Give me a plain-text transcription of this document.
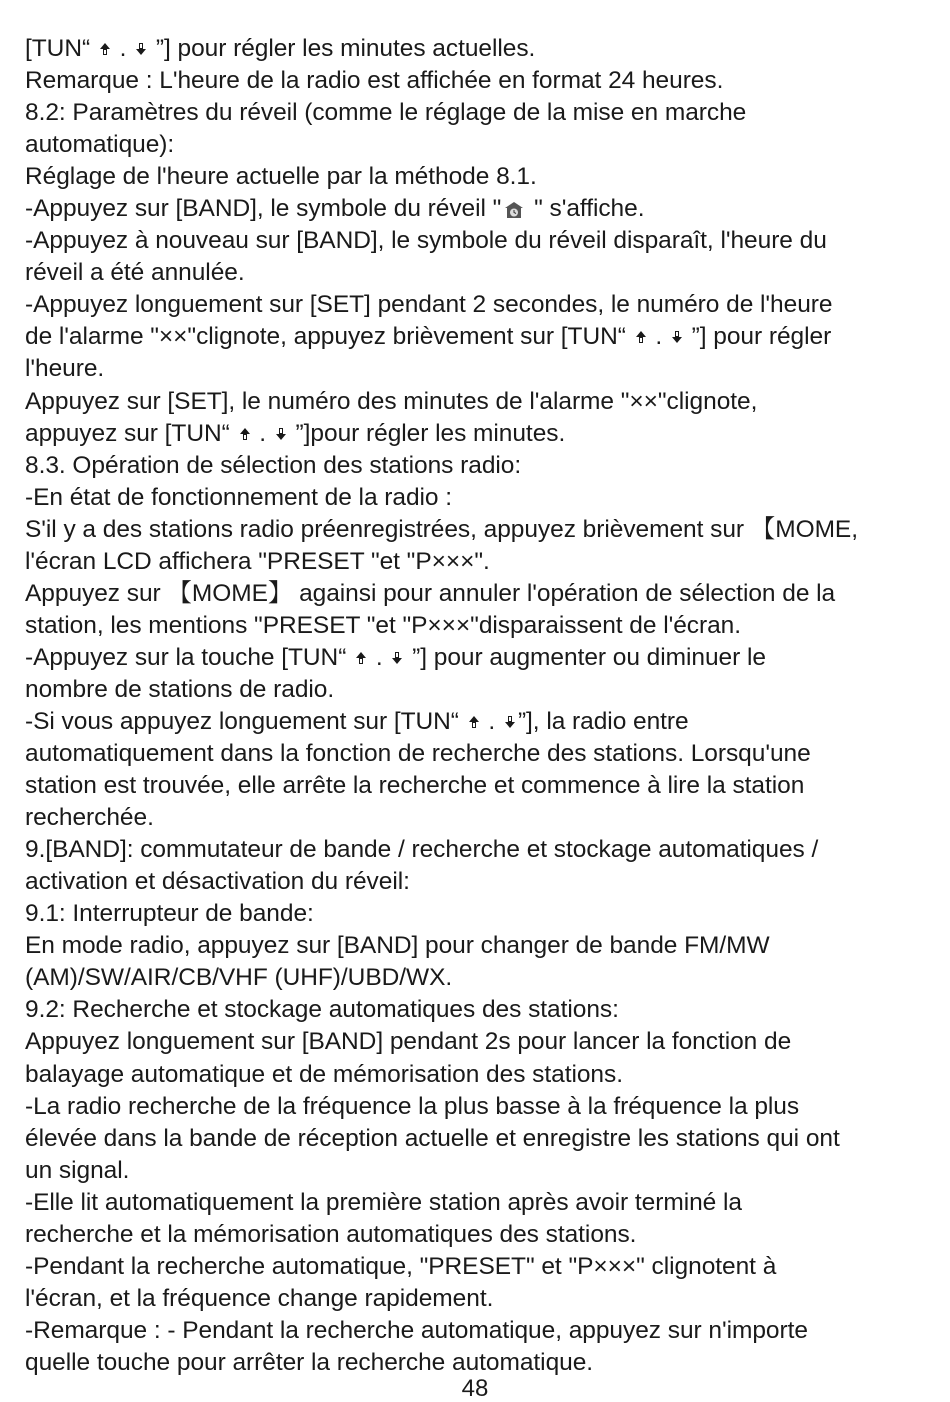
[TUN“
.
”] pour régler les minutes actuelles.
Remarque : L'heure de la radio est affichée en format 24 heures.
8.2: Paramètres du réveil (comme le réglage de la mise en marche
automatique):
Réglage de l'heure actuelle par la méthode 8.1.
-Appuyez sur [BAND], le symbole du réveil "
" s'affiche.
-Appuyez à nouveau sur [BAND], le symbole du réveil disparaît, l'heure du
réveil a été annulée.
-Appuyez longuement sur [SET] pendant 2 secondes, le numéro de l'heure
de l'alarme "××"clignote, appuyez brièvement sur [TUN“
.
”] pour régler
l'heure.
Appuyez sur [SET], le numéro des minutes de l'alarme "××"clignote,
appuyez sur [TUN“
.
”]pour régler les minutes.
8.3. Opération de sélection des stations radio:
-En état de fonctionnement de la radio :
S'il y a des stations radio préenregistrées, appuyez brièvement sur 【MOME,
l'écran LCD affichera "PRESET "et "P×××".
Appuyez sur 【MOME】 againsi pour annuler l'opération de sélection de la
station, les mentions "PRESET "et "P×××"disparaissent de l'écran.
-Appuyez sur la touche [TUN“
.
”] pour augmenter ou diminuer le
nombre de stations de radio.
-Si vous appuyez longuement sur [TUN“
.
”], la radio entre
automatiquement dans la fonction de recherche des stations. Lorsqu'une
station est trouvée, elle arrête la recherche et commence à lire la station
recherchée.
9.[BAND]: commutateur de bande / recherche et stockage automatiques /
activation et désactivation du réveil:
9.1: Interrupteur de bande:
En mode radio, appuyez sur [BAND] pour changer de bande FM/MW
(AM)/SW/AIR/CB/VHF (UHF)/UBD/WX.
9.2: Recherche et stockage automatiques des stations:
Appuyez longuement sur [BAND] pendant 2s pour lancer la fonction de
balayage automatique et de mémorisation des stations.
-La radio recherche de la fréquence la plus basse à la fréquence la plus
élevée dans la bande de réception actuelle et enregistre les stations qui ont
un signal.
-Elle lit automatiquement la première station après avoir terminé la
recherche et la mémorisation automatiques des stations.
-Pendant la recherche automatique, "PRESET" et "P×××" clignotent à
l'écran, et la fréquence change rapidement.
-Remarque : - Pendant la recherche automatique, appuyez sur n'importe
quelle touche pour arrêter la recherche automatique.
48
